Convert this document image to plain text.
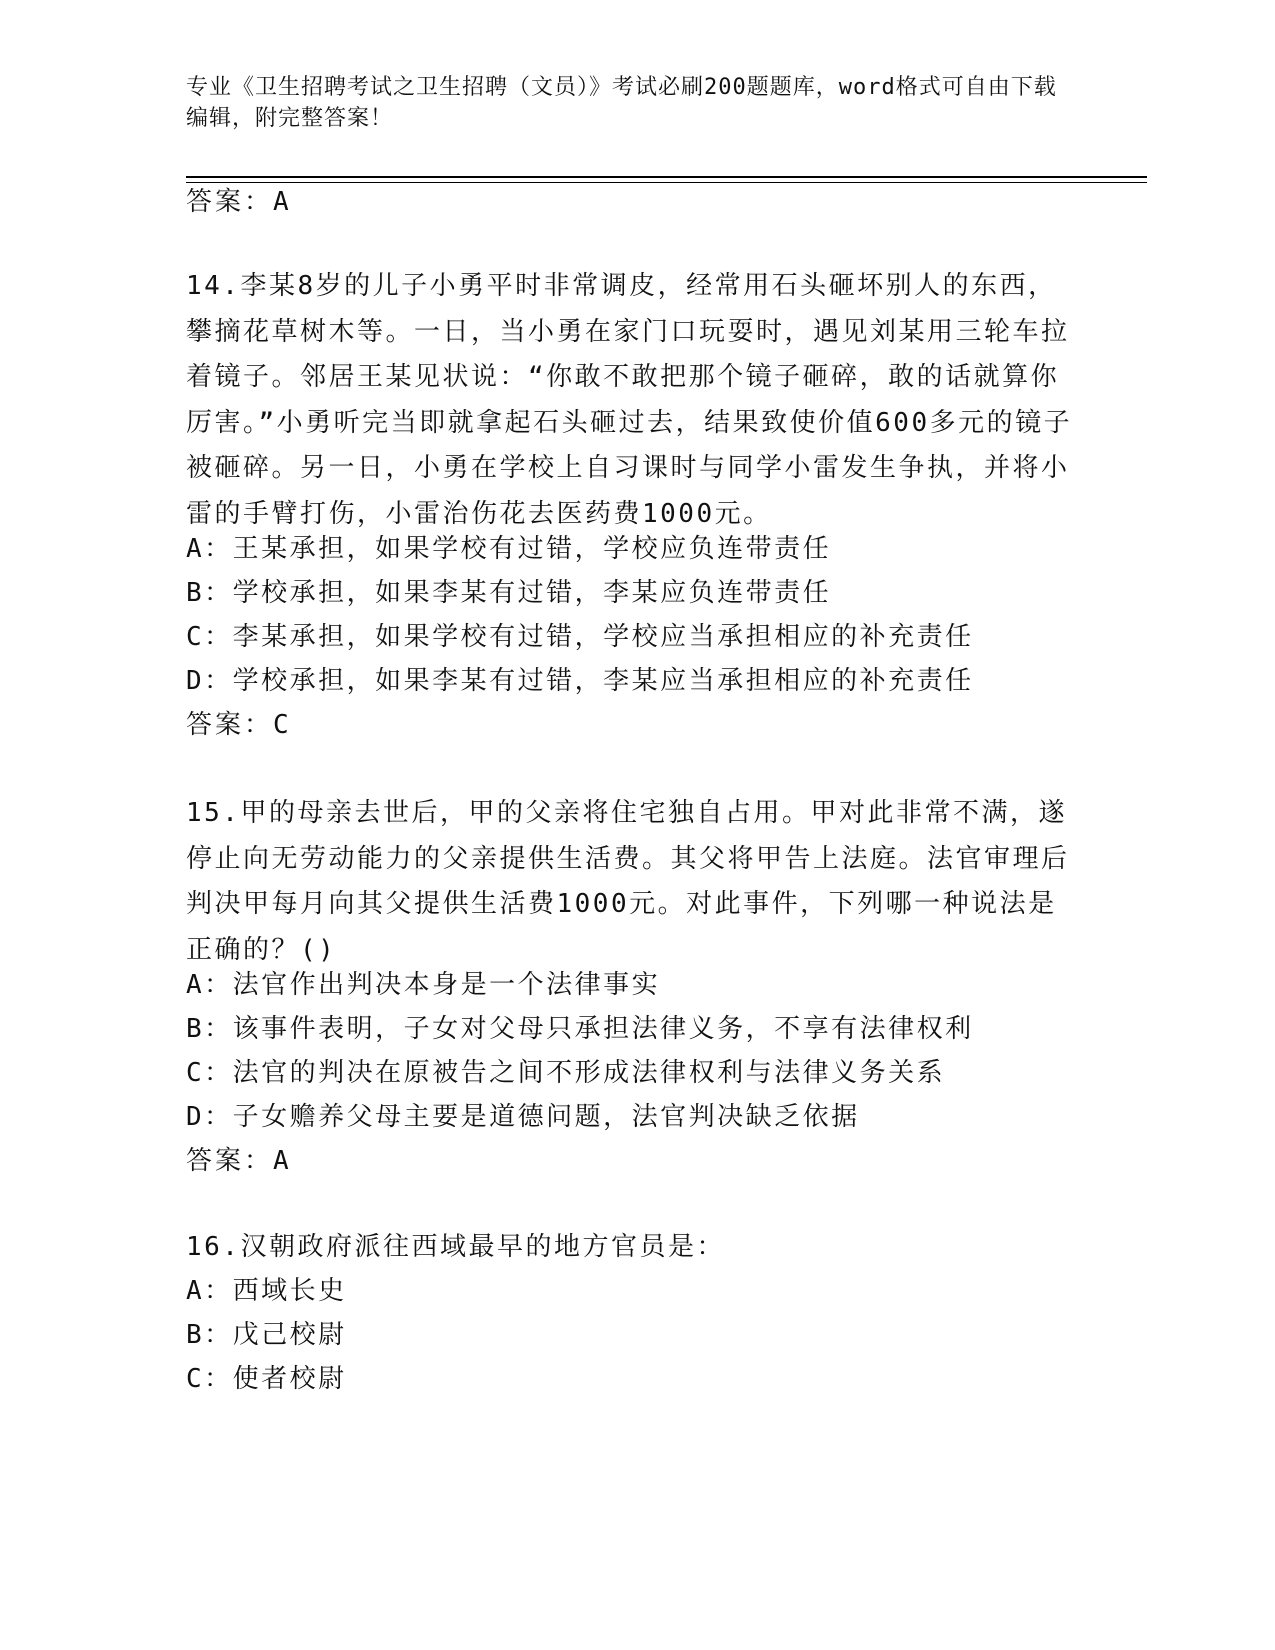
专业《卫生招聘考试之卫生招聘（文员）》考试必刷200题题库，word格式可自由下载编辑，附完整答案！
答案：A
14.李某8岁的儿子小勇平时非常调皮，经常用石头砸坏别人的东西，攀摘花草树木等。一日，当小勇在家门口玩耍时，遇见刘某用三轮车拉着镜子。邻居王某见状说：“你敢不敢把那个镜子砸碎，敢的话就算你厉害。”小勇听完当即就拿起石头砸过去，结果致使价值600多元的镜子被砸碎。另一日，小勇在学校上自习课时与同学小雷发生争执，并将小雷的手臂打伤，小雷治伤花去医药费1000元。
A：王某承担，如果学校有过错，学校应负连带责任
B：学校承担，如果李某有过错，李某应负连带责任
C：李某承担，如果学校有过错，学校应当承担相应的补充责任
D：学校承担，如果李某有过错，李某应当承担相应的补充责任
答案：C
15.甲的母亲去世后，甲的父亲将住宅独自占用。甲对此非常不满，遂停止向无劳动能力的父亲提供生活费。其父将甲告上法庭。法官审理后判决甲每月向其父提供生活费1000元。对此事件，下列哪一种说法是正确的？()
A：法官作出判决本身是一个法律事实
B：该事件表明，子女对父母只承担法律义务，不享有法律权利
C：法官的判决在原被告之间不形成法律权利与法律义务关系
D：子女赡养父母主要是道德问题，法官判决缺乏依据
答案：A
16.汉朝政府派往西域最早的地方官员是：
A：西域长史
B：戊己校尉
C：使者校尉
